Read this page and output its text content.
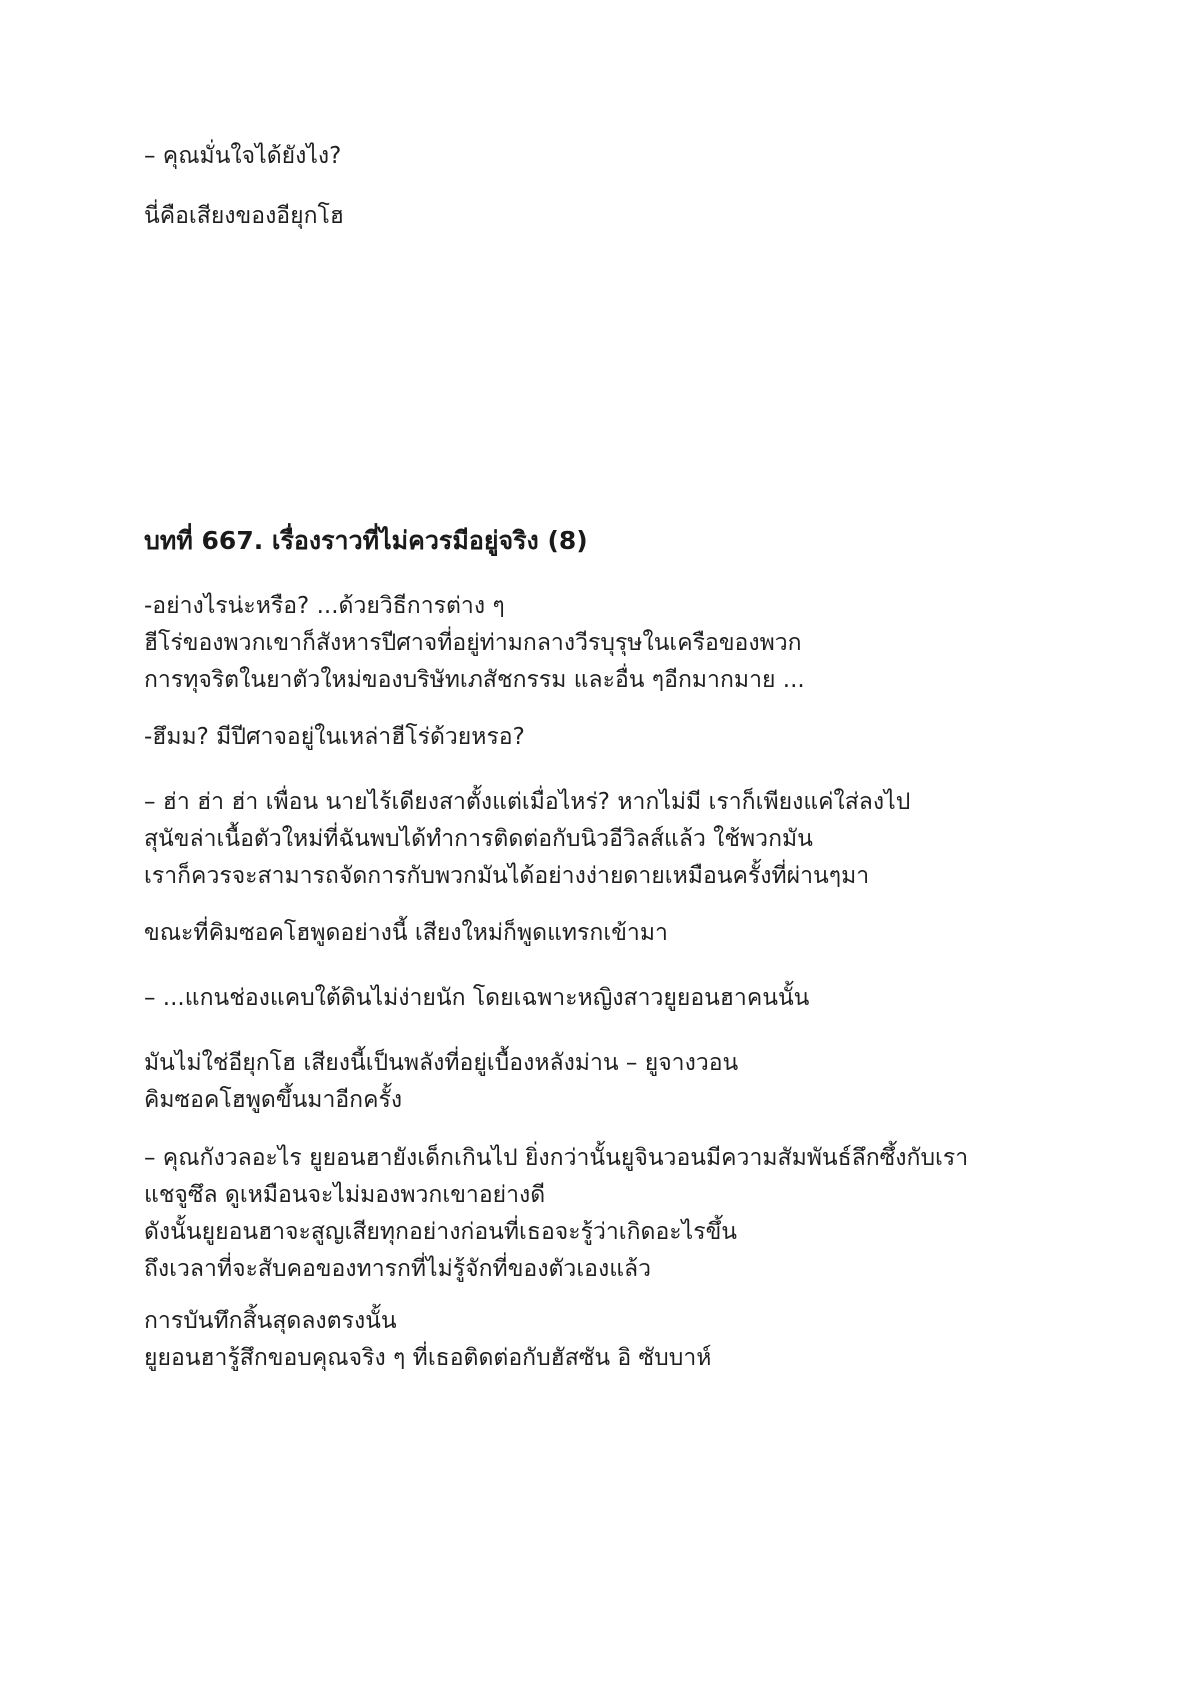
– คุณมั่นใจได้ยังไง?

นี่คือเสียงของอียุกโฮ

บทที่ 667. เรื่องราวที่ไม่ควรมีอยู่จริง (8)

-อย่างไรน่ะหรือ? ...ด้วยวิธีการต่าง ๆ
ฮีโร่ของพวกเขาก็สังหารปีศาจที่อยู่ท่ามกลางวีรบุรุษในเครือของพวก
การทุจริตในยาตัวใหม่ของบริษัทเภสัชกรรม และอื่น ๆอีกมากมาย ...

-ฮึมม? มีปีศาจอยู่ในเหล่าฮีโร่ด้วยหรอ?

– ฮ่า ฮ่า ฮ่า เพื่อน นายไร้เดียงสาตั้งแต่เมื่อไหร่? หากไม่มี เราก็เพียงแค่ใส่ลงไป
สุนัขล่าเนื้อตัวใหม่ที่ฉันพบได้ทำการติดต่อกับนิวอีวิลส์แล้ว ใช้พวกมัน
เราก็ควรจะสามารถจัดการกับพวกมันได้อย่างง่ายดายเหมือนครั้งที่ผ่านๆมา

ขณะที่คิมซอคโฮพูดอย่างนี้ เสียงใหม่ก็พูดแทรกเข้ามา

– ...แกนช่องแคบใต้ดินไม่ง่ายนัก โดยเฉพาะหญิงสาวยูยอนฮาคนนั้น

มันไม่ใช่อียุกโฮ เสียงนี้เป็นพลังที่อยู่เบื้องหลังม่าน – ยูจางวอน
คิมซอคโฮพูดขึ้นมาอีกครั้ง

– คุณกังวลอะไร ยูยอนฮายังเด็กเกินไป ยิ่งกว่านั้นยูจินวอนมีความสัมพันธ์ลึกซึ้งกับเรา
แชจูซึล ดูเหมือนจะไม่มองพวกเขาอย่างดี
ดังนั้นยูยอนฮาจะสูญเสียทุกอย่างก่อนที่เธอจะรู้ว่าเกิดอะไรขึ้น
ถึงเวลาที่จะสับคอของทารกที่ไม่รู้จักที่ของตัวเองแล้ว

การบันทึกสิ้นสุดลงตรงนั้น
ยูยอนฮารู้สึกขอบคุณจริง ๆ ที่เธอติดต่อกับฮัสซัน อิ ซับบาห์
